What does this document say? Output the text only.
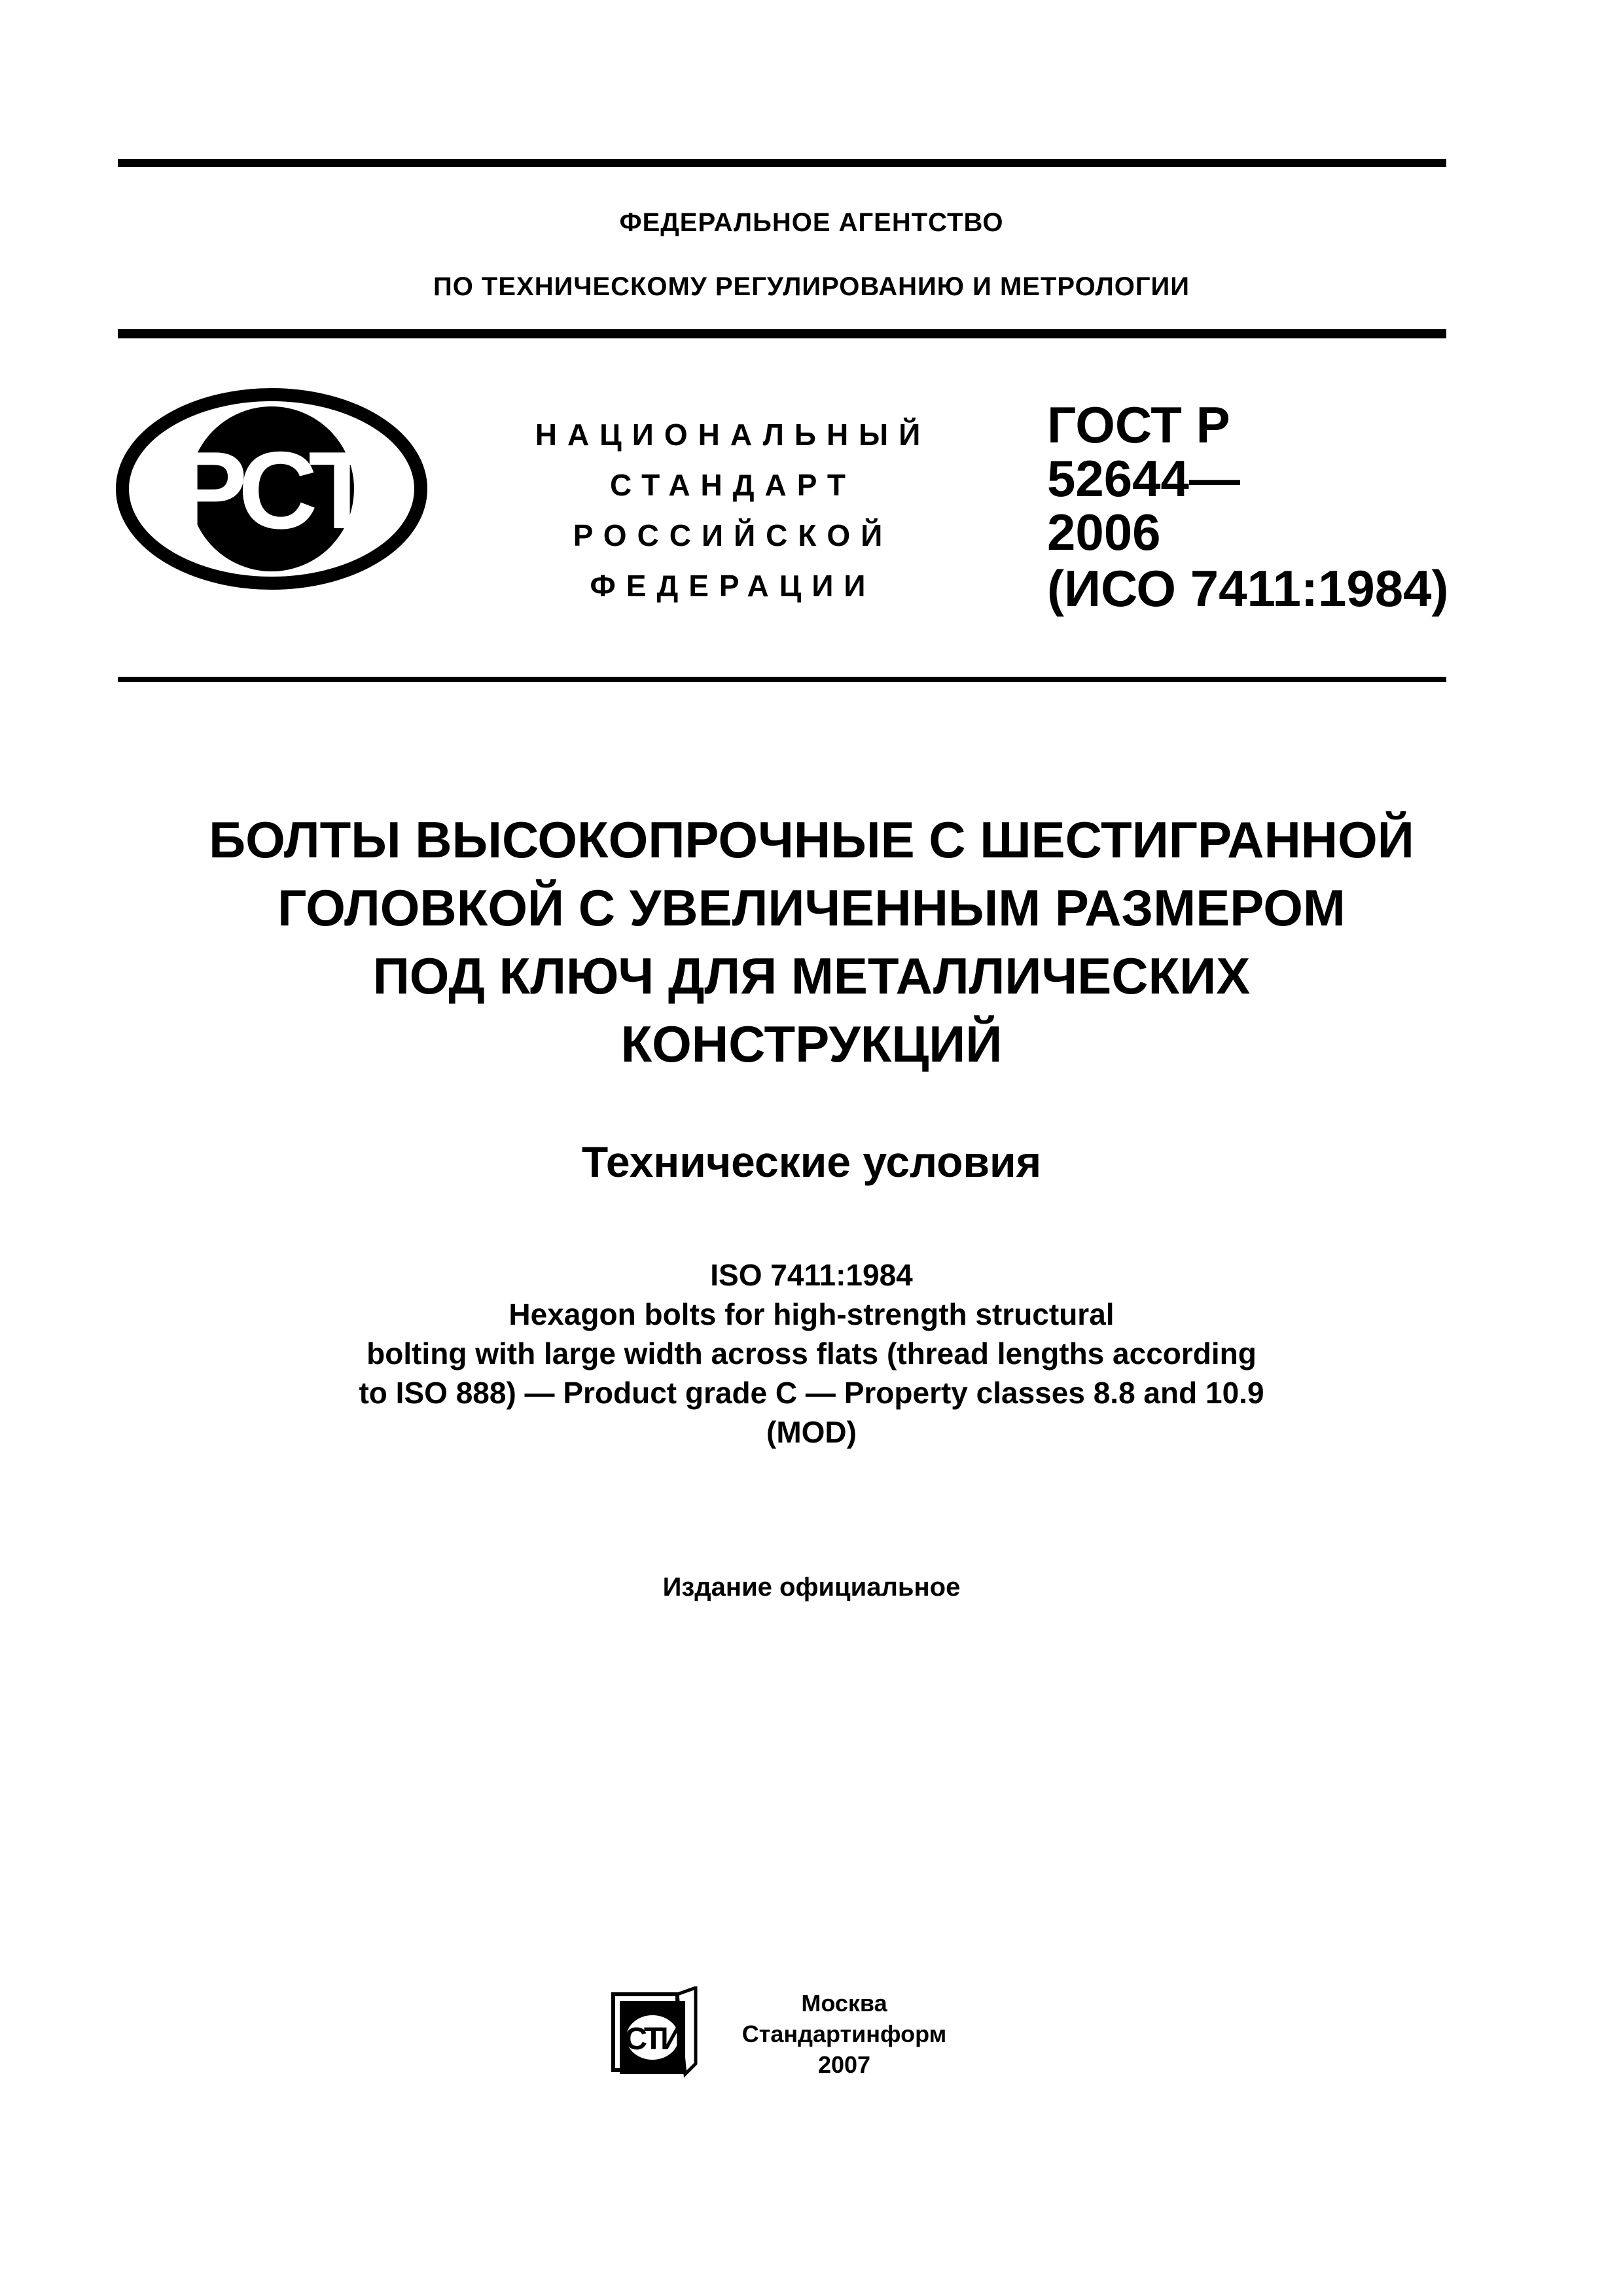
ФЕДЕРАЛЬНОЕ АГЕНТСТВО
ПО ТЕХНИЧЕСКОМУ РЕГУЛИРОВАНИЮ И МЕТРОЛОГИИ
РСТ	НАЦИОНАЛЬНЫЙ
СТАНДАРТ
РОССИЙСКОЙ
ФЕДЕРАЦИИ
ГОСТ Р
52644—
2006
(ИСО 7411:1984)
БОЛТЫ ВЫСОКОПРОЧНЫЕ С ШЕСТИГРАННОЙ
ГОЛОВКОЙ С УВЕЛИЧЕННЫМ РАЗМЕРОМ
ПОД КЛЮЧ ДЛЯ МЕТАЛЛИЧЕСКИХ
КОНСТРУКЦИЙ
Технические условия
ISO 7411:1984
Hexagon bolts for high-strength structural
bolting with large width across flats (thread lengths according
to ISO 888) — Product grade C — Property classes 8.8 and 10.9
(MOD)
Издание официальное
СТИ
Москва
Стандартинформ
2007
